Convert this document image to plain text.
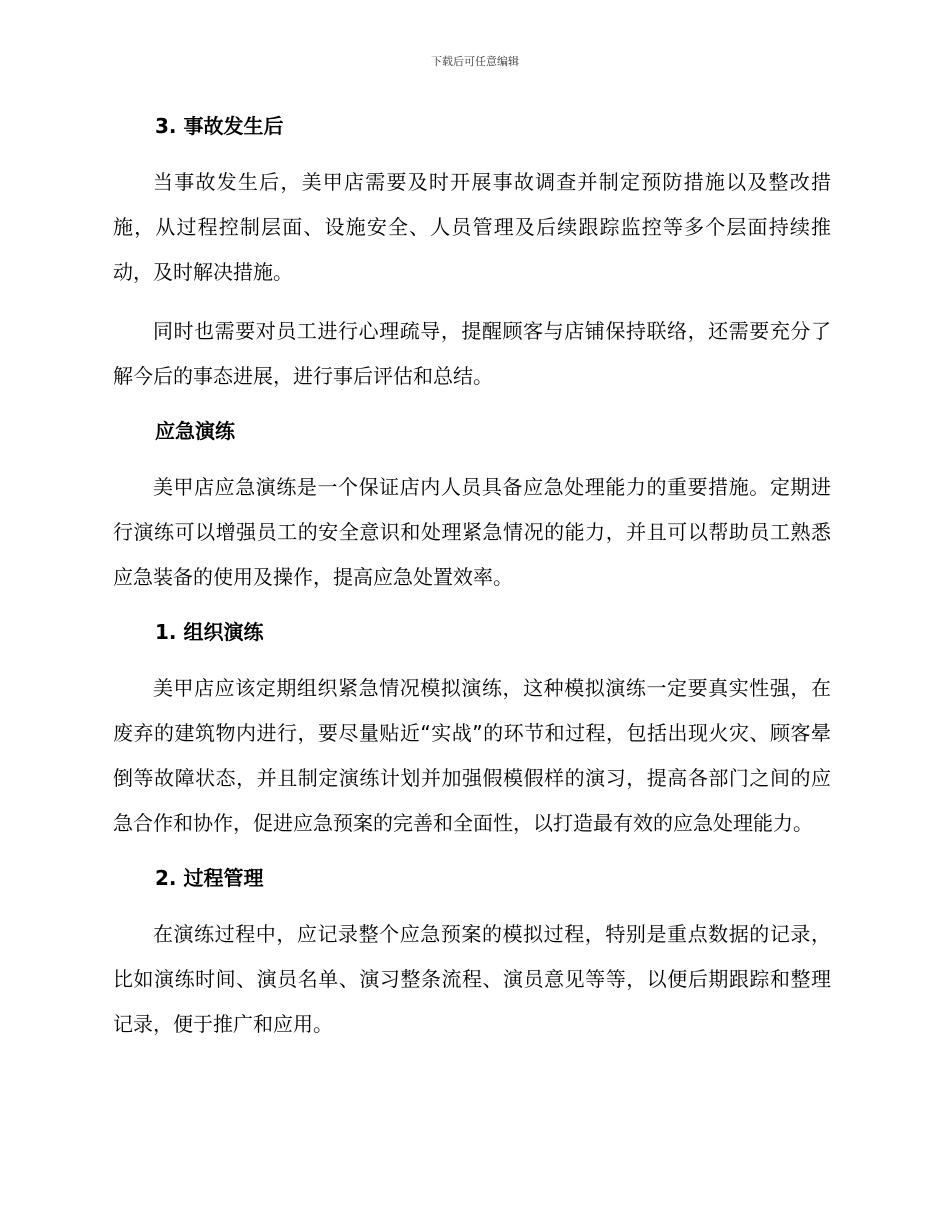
下载后可任意编辑

3. 事故发生后

当事故发生后，美甲店需要及时开展事故调查并制定预防措施以及整改措施，从过程控制层面、设施安全、人员管理及后续跟踪监控等多个层面持续推动，及时解决措施。

同时也需要对员工进行心理疏导，提醒顾客与店铺保持联络，还需要充分了解今后的事态进展，进行事后评估和总结。

应急演练

美甲店应急演练是一个保证店内人员具备应急处理能力的重要措施。定期进行演练可以增强员工的安全意识和处理紧急情况的能力，并且可以帮助员工熟悉应急装备的使用及操作，提高应急处置效率。

1. 组织演练

美甲店应该定期组织紧急情况模拟演练，这种模拟演练一定要真实性强，在废弃的建筑物内进行，要尽量贴近“实战”的环节和过程，包括出现火灾、顾客晕倒等故障状态，并且制定演练计划并加强假模假样的演习，提高各部门之间的应急合作和协作，促进应急预案的完善和全面性，以打造最有效的应急处理能力。

2. 过程管理

在演练过程中，应记录整个应急预案的模拟过程，特别是重点数据的记录，比如演练时间、演员名单、演习整条流程、演员意见等等，以便后期跟踪和整理记录，便于推广和应用。
